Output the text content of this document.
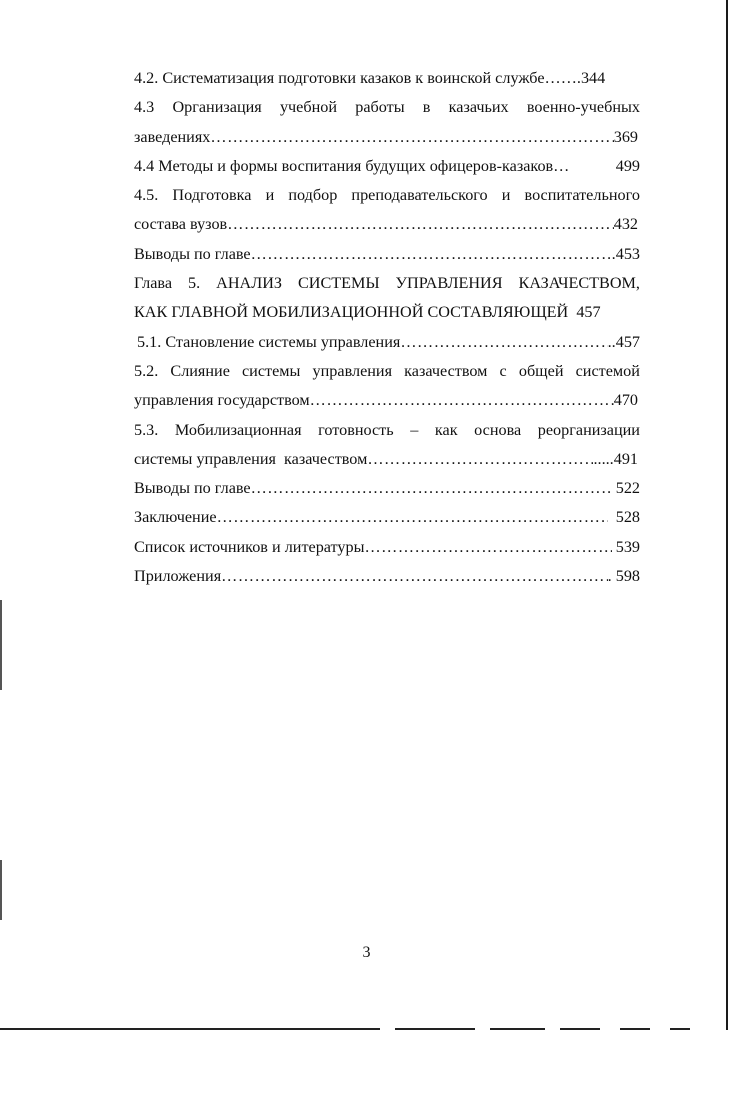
4.2. Систематизация подготовки казаков к воинской службе …….344
4.3 Организация учебной работы в казачьих военно-учебных
заведениях ……………………………………………………………………………………………………………………………………………………………………………………	369
4.4 Методы и формы воспитания будущих офицеров-казаков…	499
4.5. Подготовка и подбор преподавательского и воспитательного
состава вузов ……………………………………………………………………………………………………………………………………………………………………………………	432
Выводы по главе ……………………………………………………………………………………………………………………………………………………………………………………	.453
Глава 5. АНАЛИЗ СИСТЕМЫ УПРАВЛЕНИЯ КАЗАЧЕСТВОМ,
КАК ГЛАВНОЙ МОБИЛИЗАЦИОННОЙ СОСТАВЛЯЮЩЕЙ  457
5.1. Становление системы управления ……………………………………………………………………………………………………………………………………………………………………………………	..457
5.2. Слияние системы управления казачеством с общей системой
управления государством ……………………………………………………………………………………………………………………………………………………………………………………	470
5.3. Мобилизационная готовность – как основа реорганизации
системы управления  казачеством ……………………………………………………………………………………………………………………………………………………………………………………	.....491
Выводы по главе ……………………………………………………………………………………………………………………………………………………………………………………	522
Заключение ……………………………………………………………………………………………………………………………………………………………………………………	528
Список источников и литературы ……………………………………………………………………………………………………………………………………………………………………………………	539
Приложения ……………………………………………………………………………………………………………………………………………………………………………………	. 598
3
